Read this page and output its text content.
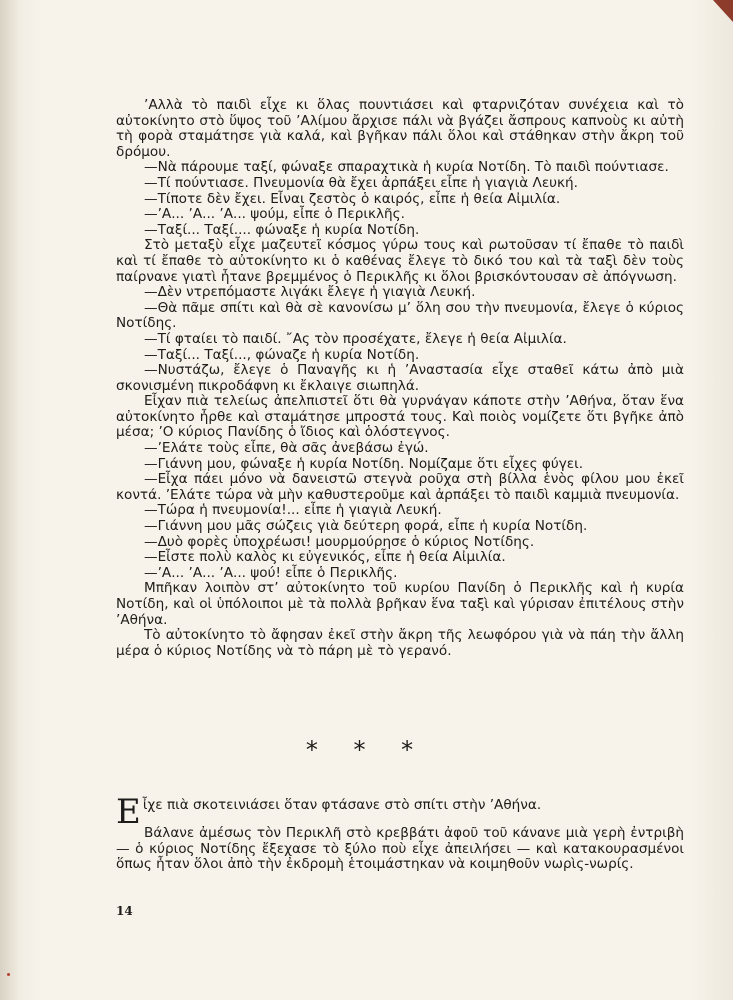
’Αλλὰ τὸ παιδὶ εἶχε κι ὅλας πουντιάσει καὶ φταρνιζόταν συνέχεια καὶ τὸ αὐτοκίνητο στὸ ὕψος τοῦ ’Αλίμου ἄρχισε πάλι νὰ βγάζει ἄσπρους καπνοὺς κι αὐτὴ τὴ φορὰ σταμάτησε γιὰ καλά, καὶ βγῆκαν πάλι ὅλοι καὶ στάθηκαν στὴν ἄκρη τοῦ δρόμου.

—Νὰ πάρουμε ταξί, φώναξε σπαραχτικὰ ἡ κυρία Νοτίδη. Τὸ παιδὶ πούντιασε.

—Τί πούντιασε. Πνευμονία θὰ ἔχει ἀρπάξει εἶπε ἡ γιαγιὰ Λευκή.

—Τίποτε δὲν ἔχει. Εἶναι ζεστὸς ὁ καιρός, εἶπε ἡ θεία Αἰμιλία.

—’Α... ’Α... ’Α... ψούμ, εἶπε ὁ Περικλῆς.

—Ταξί... Ταξί.... φώναξε ἡ κυρία Νοτίδη.

Στὸ μεταξὺ εἶχε μαζευτεῖ κόσμος γύρω τους καὶ ρωτοῦσαν τί ἔπαθε τὸ παιδὶ καὶ τί ἔπαθε τὸ αὐτοκίνητο κι ὁ καθένας ἔλεγε τὸ δικό του καὶ τὰ ταξὶ δὲν τοὺς παίρνανε γιατὶ ἦτανε βρεμμένος ὁ Περικλῆς κι ὅλοι βρισκόντουσαν σὲ ἀπόγνωση.

—Δὲν ντρεπόμαστε λιγάκι ἔλεγε ἡ γιαγιὰ Λευκή.

—Θὰ πᾶμε σπίτι καὶ θὰ σὲ κανονίσω μ’ ὅλη σου τὴν πνευμονία, ἔλεγε ὁ κύριος Νοτίδης.

—Τί φταίει τὸ παιδί. ῎Ας τὸν προσέχατε, ἔλεγε ἡ θεία Αἰμιλία.

—Ταξί... Ταξί..., φώναζε ἡ κυρία Νοτίδη.

—Νυστάζω, ἔλεγε ὁ Παναγῆς κι ἡ ’Αναστασία εἶχε σταθεῖ κάτω ἀπὸ μιὰ σκονισμένη πικροδάφνη κι ἔκλαιγε σιωπηλά.

Εἶχαν πιὰ τελείως ἀπελπιστεῖ ὅτι θὰ γυρνάγαν κάποτε στὴν ’Αθήνα, ὅταν ἕνα αὐτοκίνητο ἦρθε καὶ σταμάτησε μπροστά τους. Καὶ ποιὸς νομίζετε ὅτι βγῆκε ἀπὸ μέσα; ’Ο κύριος Πανίδης ὁ ἴδιος καὶ ὁλόστεγνος.

—’Ελάτε τοὺς εἶπε, θὰ σᾶς ἀνεβάσω ἐγώ.

—Γιάννη μου, φώναξε ἡ κυρία Νοτίδη. Νομίζαμε ὅτι εἶχες φύγει.

—Εἶχα πάει μόνο νὰ δανειστῶ στεγνὰ ροῦχα στὴ βίλλα ἑνὸς φίλου μου ἐκεῖ κοντά. ’Ελάτε τώρα νὰ μὴν καθυστεροῦμε καὶ ἀρπάξει τὸ παιδὶ καμμιὰ πνευμονία.

—Τώρα ἡ πνευμονία!... εἶπε ἡ γιαγιὰ Λευκή.

—Γιάννη μου μᾶς σώζεις γιὰ δεύτερη φορά, εἶπε ἡ κυρία Νοτίδη.

—Δυὸ φορὲς ὑποχρέωσι! μουρμούρησε ὁ κύριος Νοτίδης.

—Εἶστε πολὺ καλὸς κι εὐγενικός, εἶπε ἡ θεία Αἰμιλία.

—’Α... ’Α... ’Α... ψού! εἶπε ὁ Περικλῆς.

Μπῆκαν λοιπὸν στ’ αὐτοκίνητο τοῦ κυρίου Πανίδη ὁ Περικλῆς καὶ ἡ κυρία Νοτίδη, καὶ οἱ ὑπόλοιποι μὲ τὰ πολλὰ βρῆκαν ἕνα ταξὶ καὶ γύρισαν ἐπιτέλους στὴν ’Αθήνα.

Τὸ αὐτοκίνητο τὸ ἄφησαν ἐκεῖ στὴν ἄκρη τῆς λεωφόρου γιὰ νὰ πάη τὴν ἄλλη μέρα ὁ κύριος Νοτίδης νὰ τὸ πάρη μὲ τὸ γερανό.

* * *

Εἶχε πιὰ σκοτεινιάσει ὅταν φτάσανε στὸ σπίτι στὴν ’Αθήνα.

Βάλανε ἀμέσως τὸν Περικλῆ στὸ κρεββάτι ἀφοῦ τοῦ κάνανε μιὰ γερὴ ἐντριβὴ — ὁ κύριος Νοτίδης ἔξεχασε τὸ ξύλο ποὺ εἶχε ἀπειλήσει — καὶ κατακουρασμένοι ὅπως ἦταν ὅλοι ἀπὸ τὴν ἐκδρομὴ ἑτοιμάστηκαν νὰ κοιμηθοῦν νωρὶς-νωρίς.

14
